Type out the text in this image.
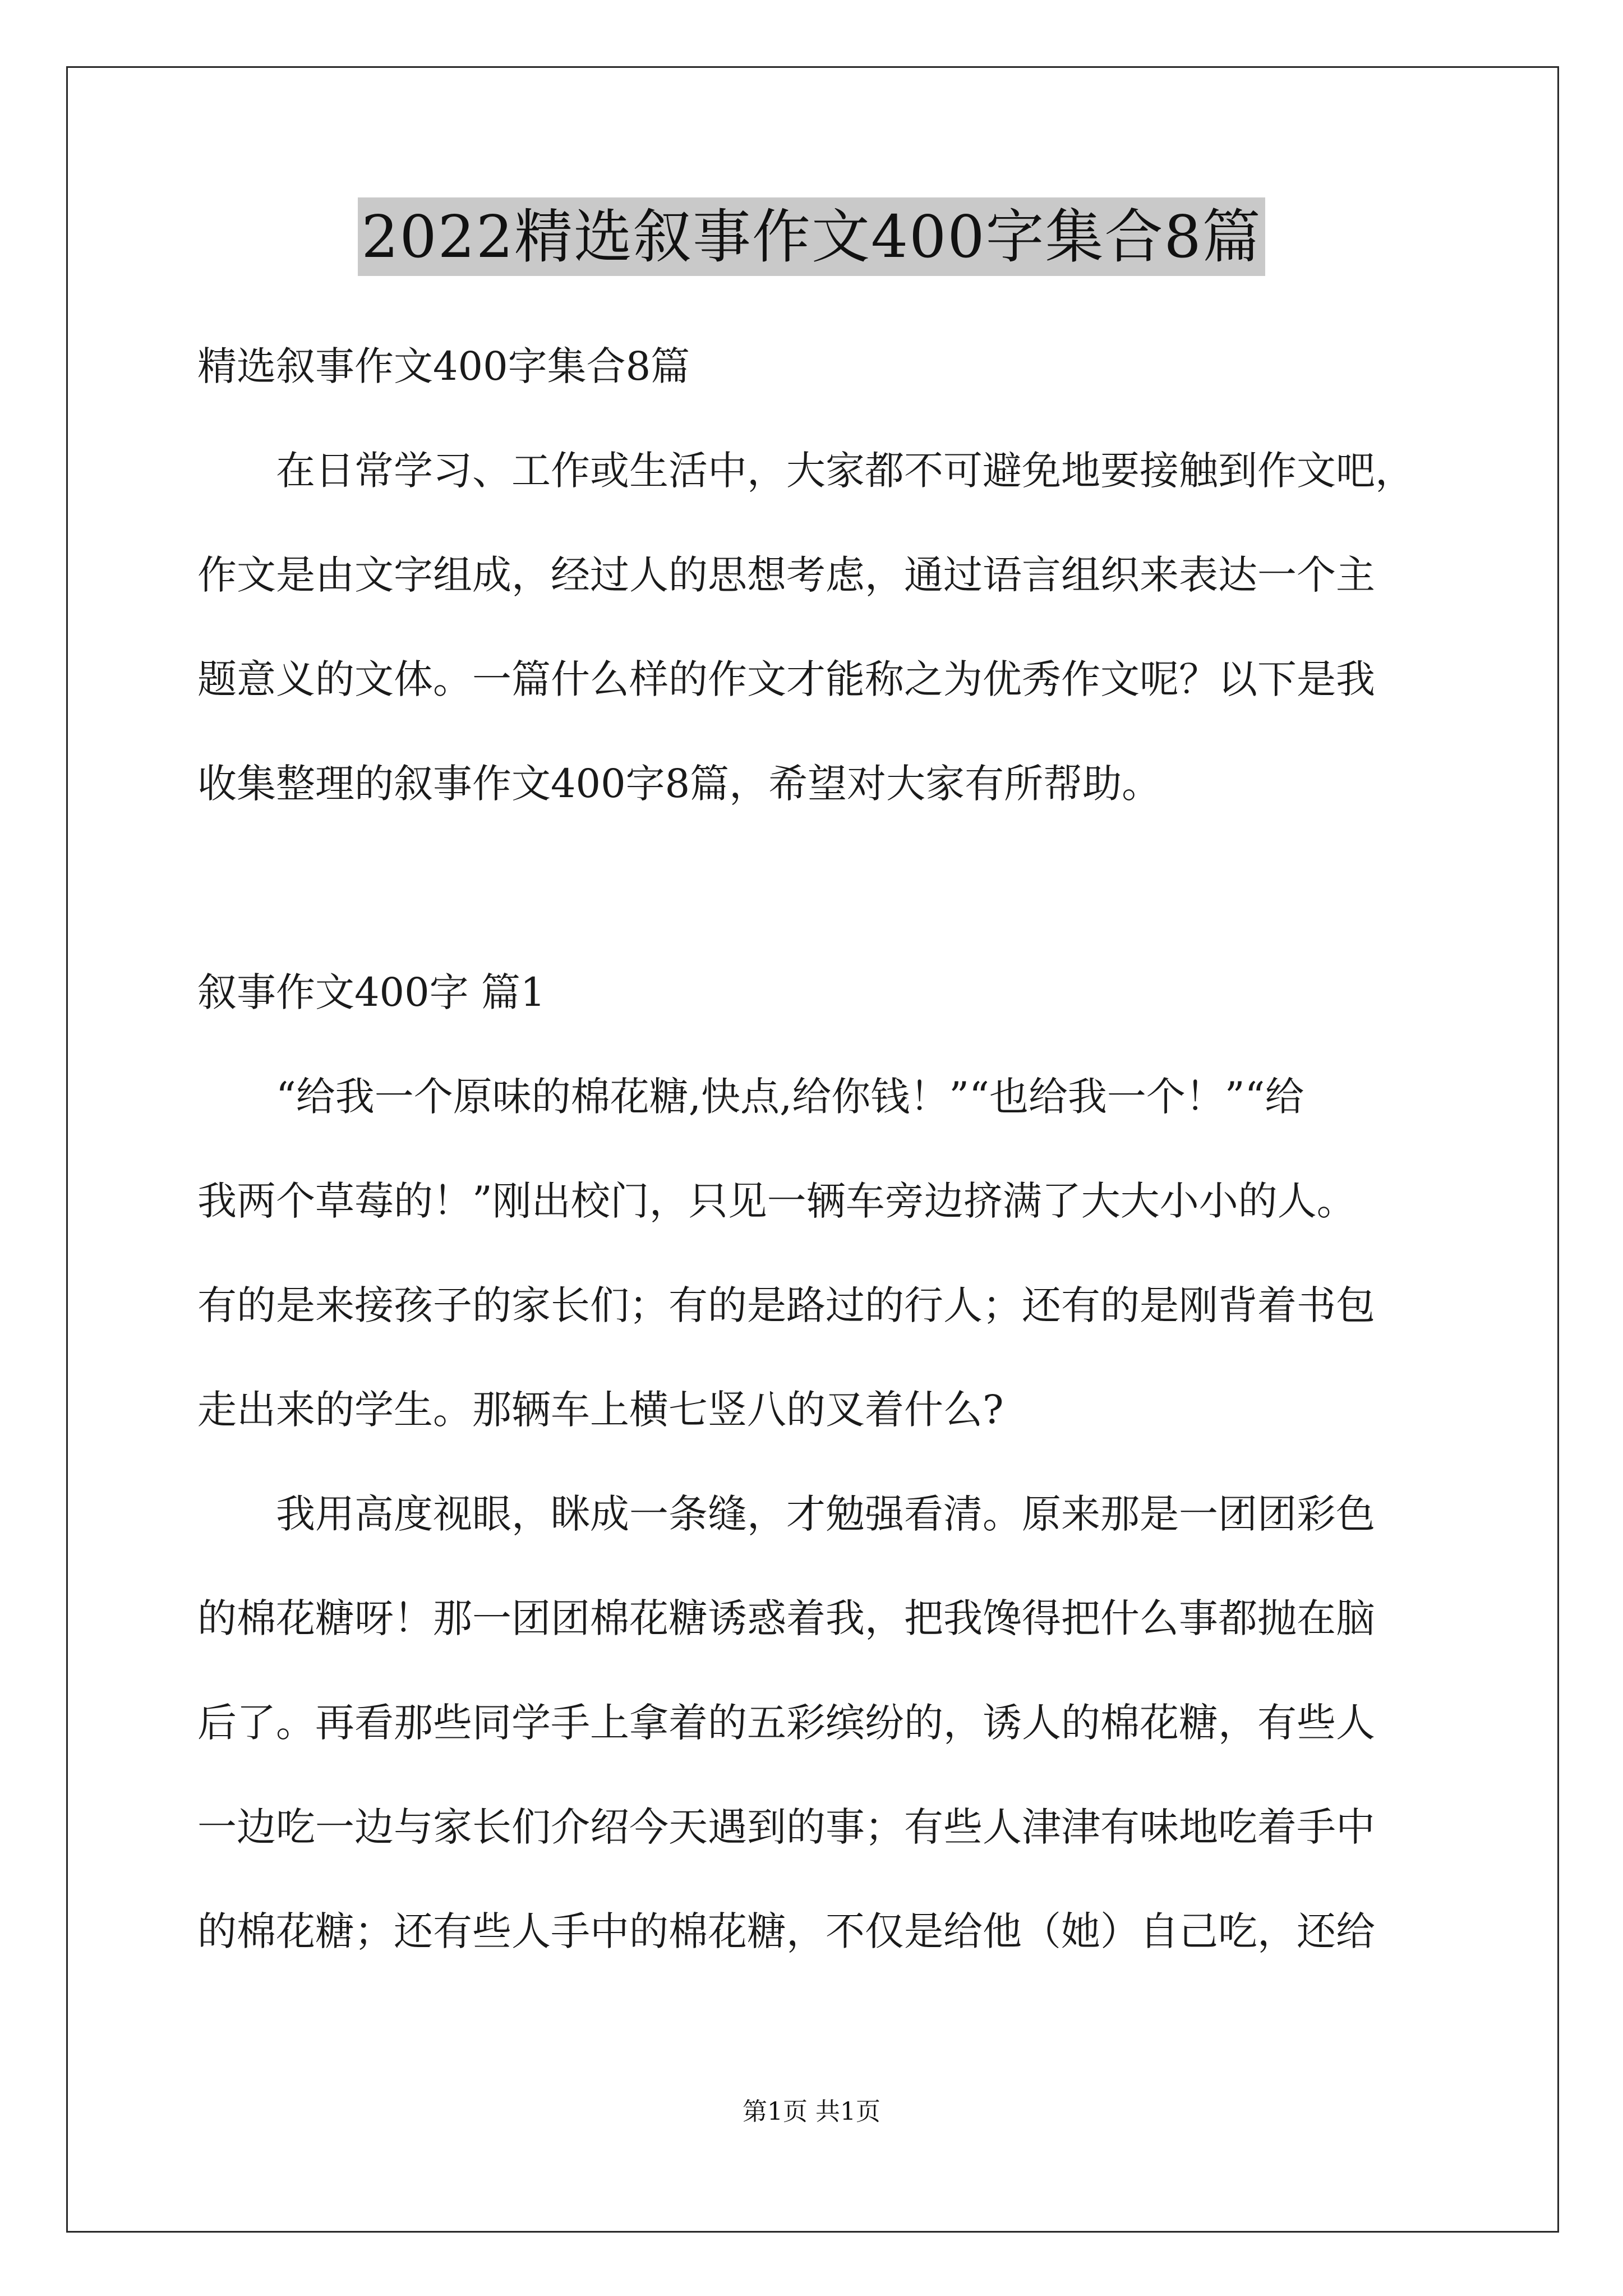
2022精选叙事作文400字集合8篇

精选叙事作文400字集合8篇

在日常学习、工作或生活中，大家都不可避免地要接触到作文吧，

作文是由文字组成，经过人的思想考虑，通过语言组织来表达一个主

题意义的文体。一篇什么样的作文才能称之为优秀作文呢？以下是我

收集整理的叙事作文400字8篇，希望对大家有所帮助。

叙事作文400字 篇1

“给我一个原味的棉花糖,快点,给你钱！”“也给我一个！”“给

我两个草莓的！”刚出校门，只见一辆车旁边挤满了大大小小的人。

有的是来接孩子的家长们；有的是路过的行人；还有的是刚背着书包

走出来的学生。那辆车上横七竖八的叉着什么?

我用高度视眼，眯成一条缝，才勉强看清。原来那是一团团彩色

的棉花糖呀！那一团团棉花糖诱惑着我，把我馋得把什么事都抛在脑

后了。再看那些同学手上拿着的五彩缤纷的，诱人的棉花糖，有些人

一边吃一边与家长们介绍今天遇到的事；有些人津津有味地吃着手中

的棉花糖；还有些人手中的棉花糖，不仅是给他（她）自己吃，还给

第1页 共1页
